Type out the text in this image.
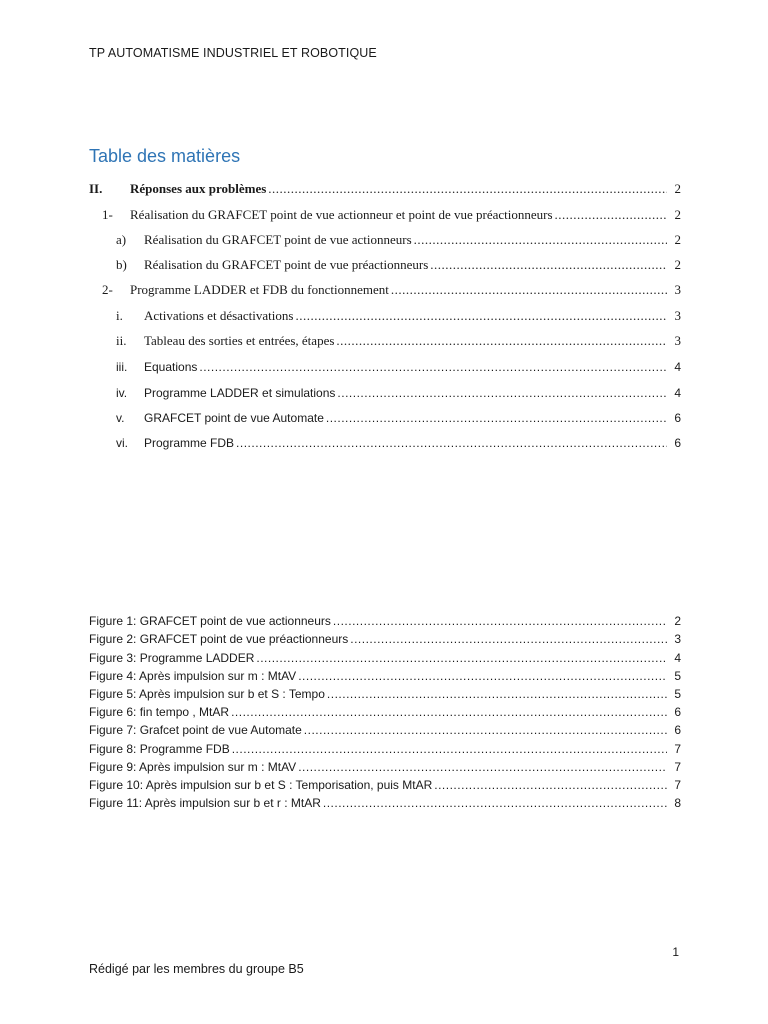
TP AUTOMATISME INDUSTRIEL ET ROBOTIQUE
Table des matières
II.	Réponses aux problèmes .....	2
1-	Réalisation du GRAFCET point de vue actionneur et point de vue préactionneurs .....	2
a)	Réalisation du GRAFCET point de vue actionneurs .....	2
b)	Réalisation du GRAFCET point de vue préactionneurs .....	2
2-	Programme LADDER et FDB du fonctionnement .....	3
i.	Activations et désactivations .....	3
ii.	Tableau des sorties et entrées, étapes .....	3
iii.	Equations .....	4
iv.	Programme LADDER et simulations .....	4
v.	GRAFCET point de vue Automate .....	6
vi.	Programme FDB .....	6
Figure 1: GRAFCET point de vue actionneurs .....	2
Figure 2: GRAFCET point de vue préactionneurs .....	3
Figure 3: Programme LADDER .....	4
Figure 4: Après impulsion sur m : MtAV .....	5
Figure 5: Après impulsion sur b et S : Tempo .....	5
Figure 6: fin tempo , MtAR .....	6
Figure 7: Grafcet point de vue Automate .....	6
Figure 8: Programme FDB .....	7
Figure 9: Après impulsion sur m : MtAV .....	7
Figure 10: Après impulsion sur b et S : Temporisation, puis MtAR .....	7
Figure 11: Après impulsion sur b et r : MtAR .....	8
1
Rédigé par les membres du groupe B5
